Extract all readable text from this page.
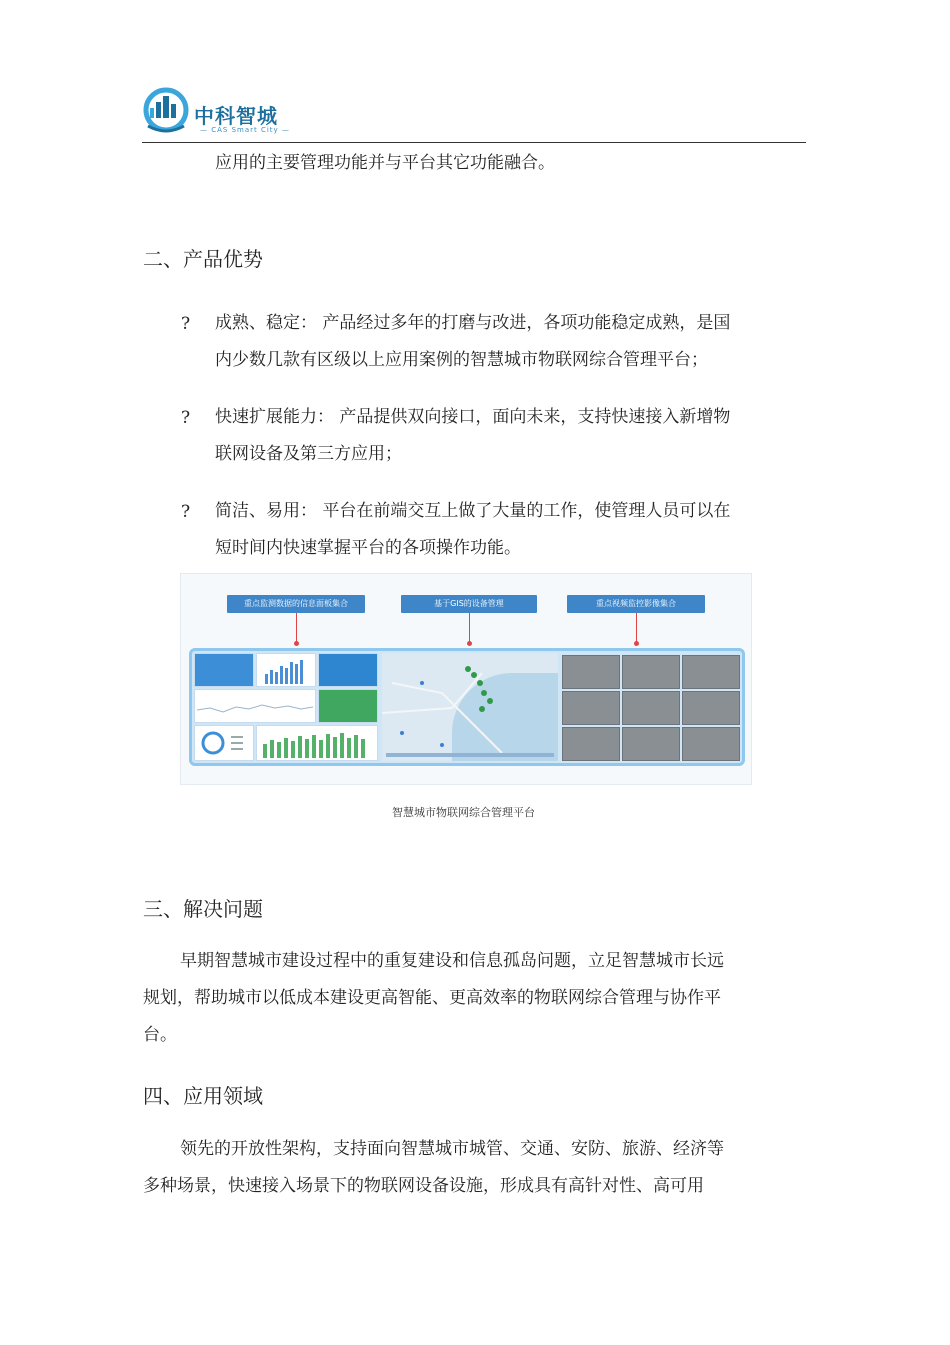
中科智城
— CAS Smart City —
应用的主要管理功能并与平台其它功能融合。
二、产品优势
? 成熟、稳定： 产品经过多年的打磨与改进，各项功能稳定成熟，是国
内少数几款有区级以上应用案例的智慧城市物联网综合管理平台；
? 快速扩展能力： 产品提供双向接口，面向未来，支持快速接入新增物
联网设备及第三方应用；
? 简洁、易用： 平台在前端交互上做了大量的工作，使管理人员可以在
短时间内快速掌握平台的各项操作功能。
重点监测数据的信息面板集合	基于GIS的设备管理	重点视频监控影像集合
智慧城市物联网综合管理平台
三、解决问题
早期智慧城市建设过程中的重复建设和信息孤岛问题，立足智慧城市长远
规划，帮助城市以低成本建设更高智能、更高效率的物联网综合管理与协作平
台。
四、应用领域
领先的开放性架构，支持面向智慧城市城管、交通、安防、旅游、经济等
多种场景，快速接入场景下的物联网设备设施，形成具有高针对性、高可用
